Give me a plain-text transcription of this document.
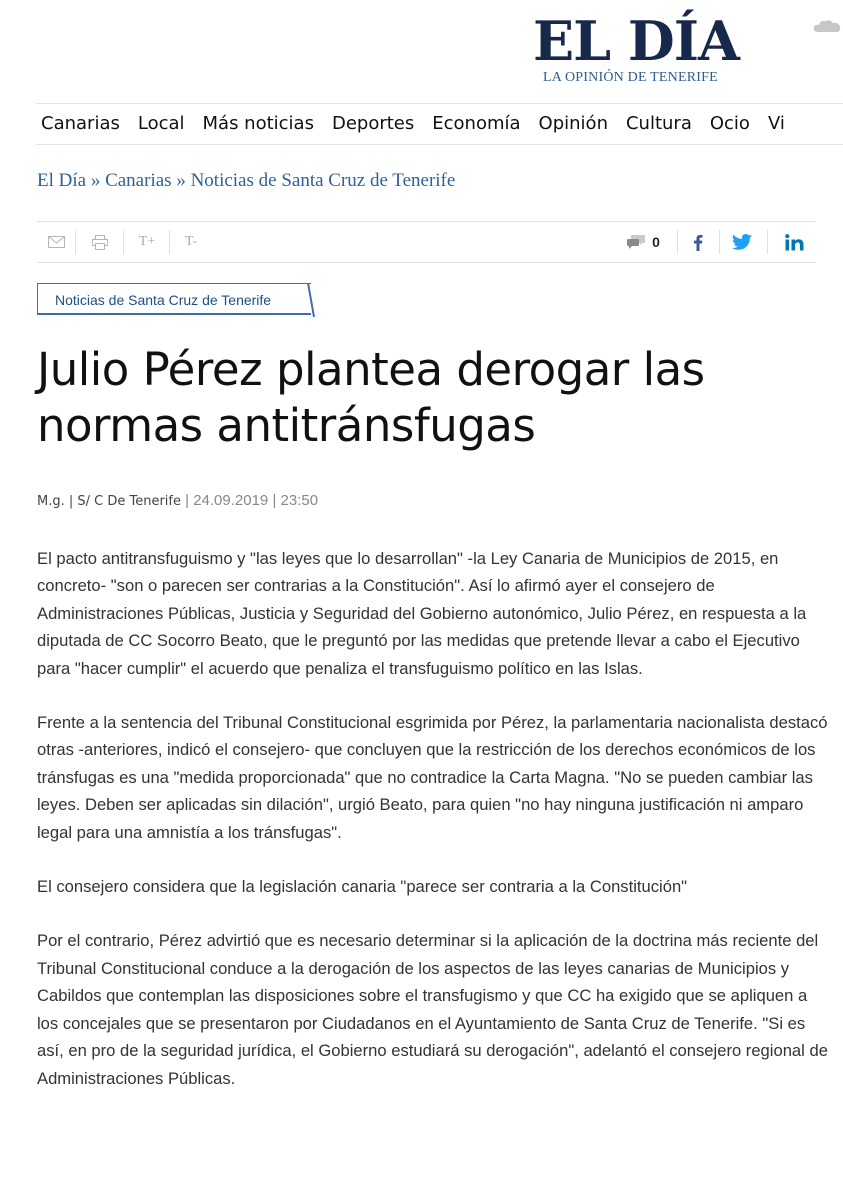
EL DÍA
LA OPINIÓN DE TENERIFE
Canarias Local Más noticias Deportes Economía Opinión Cultura Ocio Vi
El Día » Canarias » Noticias de Santa Cruz de Tenerife
T+	T-	0
Noticias de Santa Cruz de Tenerife
Julio Pérez plantea derogar las normas antitránsfugas
M.g. | S/ C De Tenerife | 24.09.2019 | 23:50

El pacto antitransfuguismo y "las leyes que lo desarrollan" -la Ley Canaria de Municipios de 2015, en concreto- "son o parecen ser contrarias a la Constitución". Así lo afirmó ayer el consejero de Administraciones Públicas, Justicia y Seguridad del Gobierno autonómico, Julio Pérez, en respuesta a la diputada de CC Socorro Beato, que le preguntó por las medidas que pretende llevar a cabo el Ejecutivo para "hacer cumplir" el acuerdo que penaliza el transfuguismo político en las Islas.

Frente a la sentencia del Tribunal Constitucional esgrimida por Pérez, la parlamentaria nacionalista destacó otras -anteriores, indicó el consejero- que concluyen que la restricción de los derechos económicos de los tránsfugas es una "medida proporcionada" que no contradice la Carta Magna. "No se pueden cambiar las leyes. Deben ser aplicadas sin dilación", urgió Beato, para quien "no hay ninguna justificación ni amparo legal para una amnistía a los tránsfugas".

El consejero considera que la legislación canaria "parece ser contraria a la Constitución"

Por el contrario, Pérez advirtió que es necesario determinar si la aplicación de la doctrina más reciente del Tribunal Constitucional conduce a la derogación de los aspectos de las leyes canarias de Municipios y Cabildos que contemplan las disposiciones sobre el transfugismo y que CC ha exigido que se apliquen a los concejales que se presentaron por Ciudadanos en el Ayuntamiento de Santa Cruz de Tenerife. "Si es así, en pro de la seguridad jurídica, el Gobierno estudiará su derogación", adelantó el consejero regional de Administraciones Públicas.
